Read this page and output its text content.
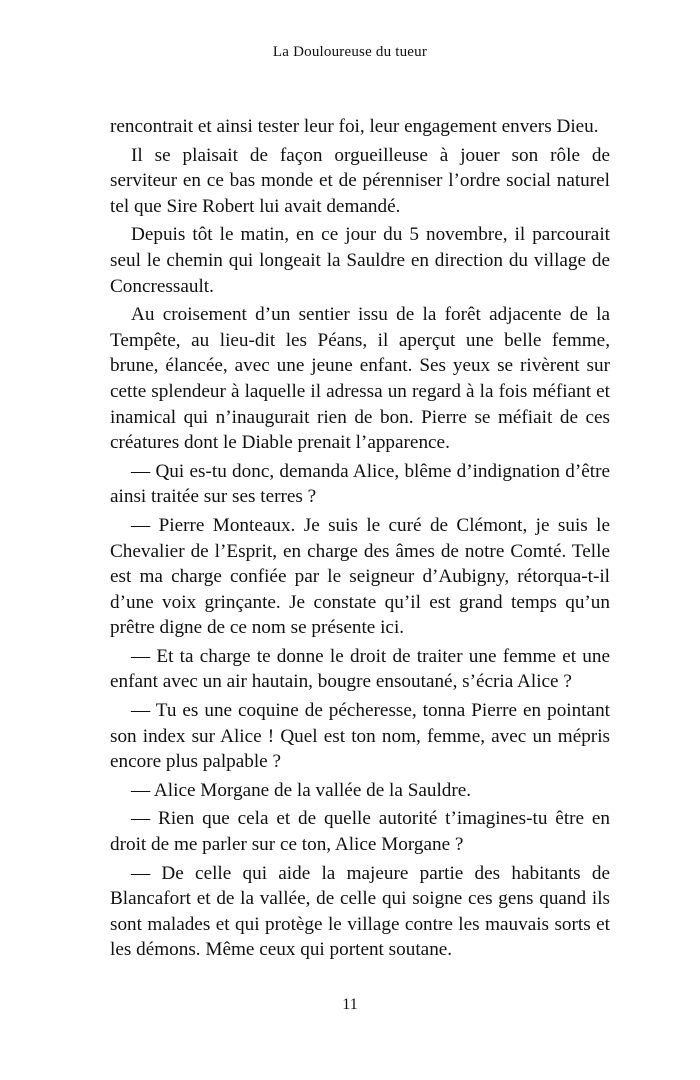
La Douloureuse du tueur

rencontrait et ainsi tester leur foi, leur engagement envers Dieu.

Il se plaisait de façon orgueilleuse à jouer son rôle de serviteur en ce bas monde et de pérenniser l’ordre social naturel tel que Sire Robert lui avait demandé.

Depuis tôt le matin, en ce jour du 5 novembre, il parcourait seul le chemin qui longeait la Sauldre en direction du village de Concressault.

Au croisement d’un sentier issu de la forêt adjacente de la Tempête, au lieu-dit les Péans, il aperçut une belle femme, brune, élancée, avec une jeune enfant. Ses yeux se rivèrent sur cette splendeur à laquelle il adressa un regard à la fois méfiant et inamical qui n’inaugurait rien de bon. Pierre se méfiait de ces créatures dont le Diable prenait l’apparence.

— Qui es-tu donc, demanda Alice, blême d’indignation d’être ainsi traitée sur ses terres ?

— Pierre Monteaux. Je suis le curé de Clémont, je suis le Chevalier de l’Esprit, en charge des âmes de notre Comté. Telle est ma charge confiée par le seigneur d’Aubigny, rétorqua-t-il d’une voix grinçante. Je constate qu’il est grand temps qu’un prêtre digne de ce nom se présente ici.

— Et ta charge te donne le droit de traiter une femme et une enfant avec un air hautain, bougre ensoutané, s’écria Alice ?

— Tu es une coquine de pécheresse, tonna Pierre en pointant son index sur Alice ! Quel est ton nom, femme, avec un mépris encore plus palpable ?

— Alice Morgane de la vallée de la Sauldre.

— Rien que cela et de quelle autorité t’imagines-tu être en droit de me parler sur ce ton, Alice Morgane ?

— De celle qui aide la majeure partie des habitants de Blancafort et de la vallée, de celle qui soigne ces gens quand ils sont malades et qui protège le village contre les mauvais sorts et les démons. Même ceux qui portent soutane.

11
